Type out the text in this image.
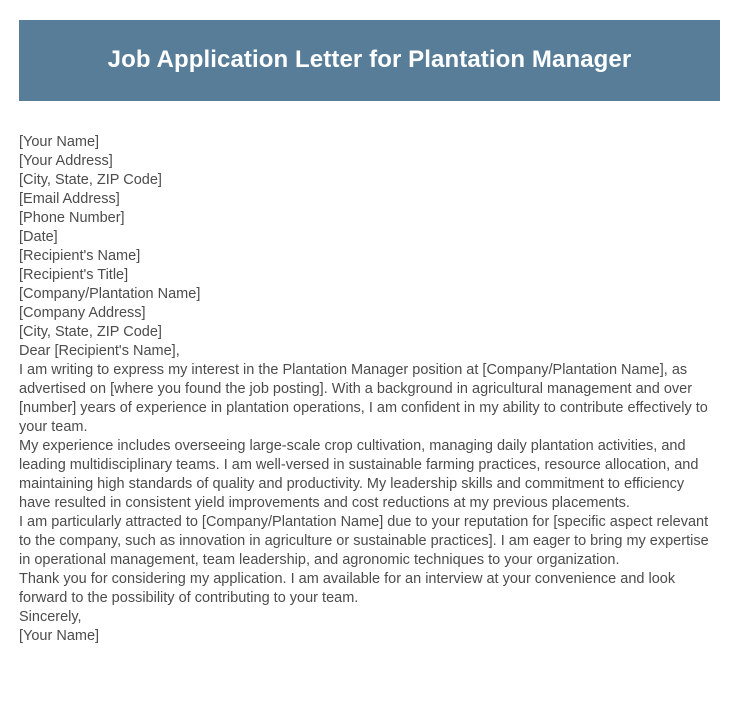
Job Application Letter for Plantation Manager

[Your Name]

[Your Address]

[City, State, ZIP Code]

[Email Address]

[Phone Number]

[Date]

[Recipient's Name]

[Recipient's Title]

[Company/Plantation Name]

[Company Address]

[City, State, ZIP Code]

Dear [Recipient's Name],

I am writing to express my interest in the Plantation Manager position at [Company/Plantation Name], as advertised on [where you found the job posting]. With a background in agricultural management and over [number] years of experience in plantation operations, I am confident in my ability to contribute effectively to your team.

My experience includes overseeing large-scale crop cultivation, managing daily plantation activities, and leading multidisciplinary teams. I am well-versed in sustainable farming practices, resource allocation, and maintaining high standards of quality and productivity. My leadership skills and commitment to efficiency have resulted in consistent yield improvements and cost reductions at my previous placements.

I am particularly attracted to [Company/Plantation Name] due to your reputation for [specific aspect relevant to the company, such as innovation in agriculture or sustainable practices]. I am eager to bring my expertise in operational management, team leadership, and agronomic techniques to your organization.

Thank you for considering my application. I am available for an interview at your convenience and look forward to the possibility of contributing to your team.

Sincerely,

[Your Name]
